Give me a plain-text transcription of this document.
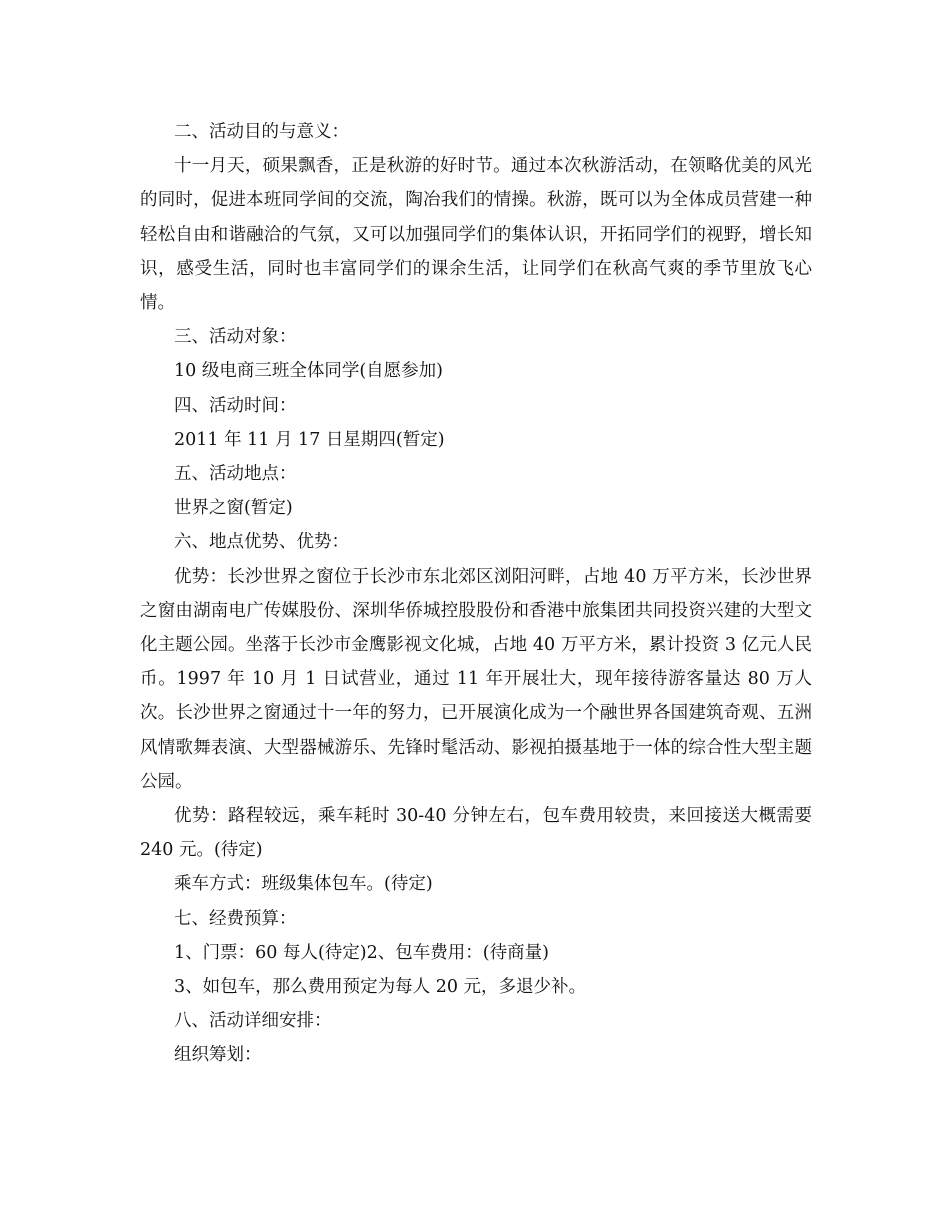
二、活动目的与意义：
十一月天，硕果飘香，正是秋游的好时节。通过本次秋游活动，在领略优美的风光的同时，促进本班同学间的交流，陶冶我们的情操。秋游，既可以为全体成员营建一种轻松自由和谐融洽的气氛，又可以加强同学们的集体认识，开拓同学们的视野，增长知识，感受生活，同时也丰富同学们的课余生活，让同学们在秋高气爽的季节里放飞心情。
三、活动对象：
10 级电商三班全体同学(自愿参加)
四、活动时间：
2011 年 11 月 17 日星期四(暂定)
五、活动地点：
世界之窗(暂定)
六、地点优势、优势：
优势：长沙世界之窗位于长沙市东北郊区浏阳河畔，占地 40 万平方米，长沙世界之窗由湖南电广传媒股份、深圳华侨城控股股份和香港中旅集团共同投资兴建的大型文化主题公园。坐落于长沙市金鹰影视文化城，占地 40 万平方米，累计投资 3 亿元人民币。1997 年 10 月 1 日试营业，通过 11 年开展壮大，现年接待游客量达 80 万人次。长沙世界之窗通过十一年的努力，已开展演化成为一个融世界各国建筑奇观、五洲风情歌舞表演、大型器械游乐、先锋时髦活动、影视拍摄基地于一体的综合性大型主题公园。
优势：路程较远，乘车耗时 30-40 分钟左右，包车费用较贵，来回接送大概需要 240 元。(待定)
乘车方式：班级集体包车。(待定)
七、经费预算：
1、门票：60 每人(待定)2、包车费用：(待商量)
3、如包车，那么费用预定为每人 20 元，多退少补。
八、活动详细安排：
组织筹划：
